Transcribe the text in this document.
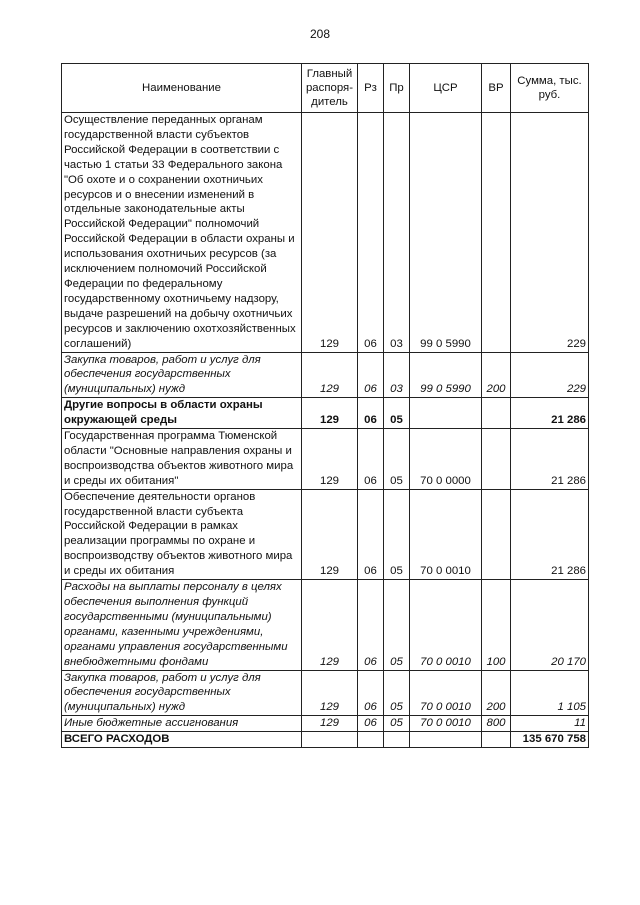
208
Наименование	Главный распоря- дитель	Рз	Пр	ЦСР	ВР	Сумма, тыс. руб.
Осуществление переданных органам государственной власти субъектов Российской Федерации в соответствии с частью 1 статьи 33 Федерального закона "Об охоте и о сохранении охотничьих ресурсов и о внесении изменений в отдельные законодательные акты Российской Федерации" полномочий Российской Федерации в области охраны и использования охотничьих ресурсов (за исключением полномочий Российской Федерации по федеральному государственному охотничьему надзору, выдаче разрешений на добычу охотничьих ресурсов и заключению охотхозяйственных соглашений)	129	06	03	99 0 5990		229
Закупка товаров, работ и услуг для обеспечения государственных (муниципальных) нужд	129	06	03	99 0 5990	200	229
Другие вопросы в области охраны окружающей среды	129	06	05			21 286
Государственная программа Тюменской области "Основные направления охраны и воспроизводства объектов животного мира и среды их обитания"	129	06	05	70 0 0000		21 286
Обеспечение деятельности органов государственной власти субъекта Российской Федерации в рамках реализации программы по охране и воспроизводству объектов животного мира и среды их обитания	129	06	05	70 0 0010		21 286
Расходы на выплаты персоналу в целях обеспечения выполнения функций государственными (муниципальными) органами, казенными учреждениями, органами управления государственными внебюджетными фондами	129	06	05	70 0 0010	100	20 170
Закупка товаров, работ и услуг для обеспечения государственных (муниципальных) нужд	129	06	05	70 0 0010	200	1 105
Иные бюджетные ассигнования	129	06	05	70 0 0010	800	11
ВСЕГО РАСХОДОВ						135 670 758
